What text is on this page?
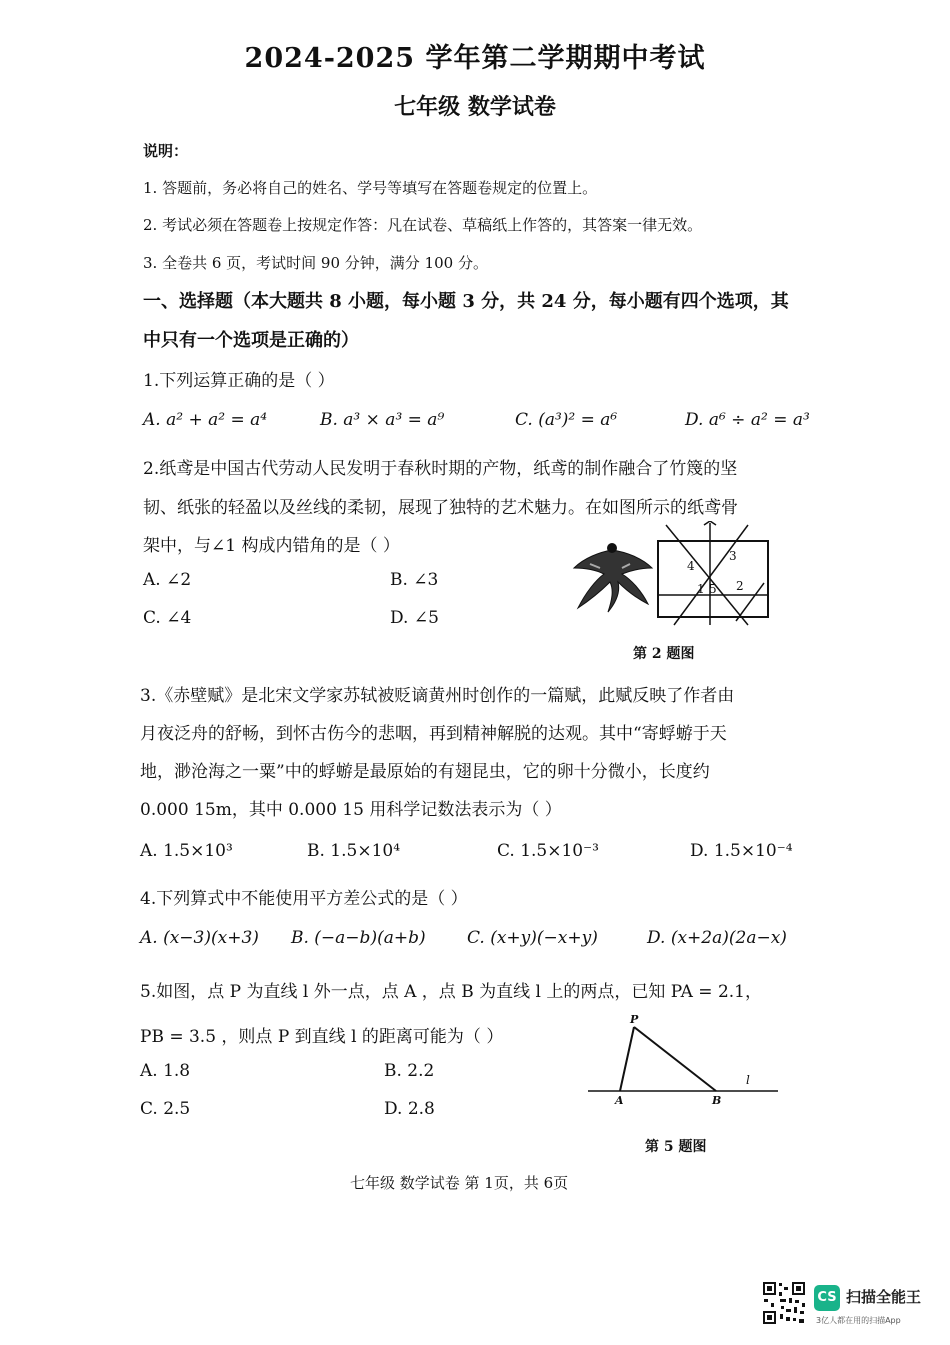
2024-2025 学年第二学期期中考试
七年级 数学试卷
说明：
1. 答题前，务必将自己的姓名、学号等填写在答题卷规定的位置上。
2. 考试必须在答题卷上按规定作答：凡在试卷、草稿纸上作答的，其答案一律无效。
3. 全卷共 6 页，考试时间 90 分钟，满分 100 分。
一、选择题（本大题共 8 小题，每小题 3 分，共 24 分，每小题有四个选项，其
中只有一个选项是正确的）
1.下列运算正确的是（ ）
A. a² + a² = a⁴	B. a³ × a³ = a⁹	C. (a³)² = a⁶	D. a⁶ ÷ a² = a³
2.纸鸢是中国古代劳动人民发明于春秋时期的产物，纸鸢的制作融合了竹篾的坚
韧、纸张的轻盈以及丝线的柔韧，展现了独特的艺术魅力。在如图所示的纸鸢骨
架中，与∠1 构成内错角的是（ ）
A. ∠2	B. ∠3
C. ∠4	D. ∠5
1	2
3
4
5
第 2 题图
3.《赤壁赋》是北宋文学家苏轼被贬谪黄州时创作的一篇赋，此赋反映了作者由
月夜泛舟的舒畅，到怀古伤今的悲咽，再到精神解脱的达观。其中“寄蜉蝣于天
地，渺沧海之一粟”中的蜉蝣是最原始的有翅昆虫，它的卵十分微小，长度约
0.000 15m，其中 0.000 15 用科学记数法表示为（ ）
A. 1.5×10³	B. 1.5×10⁴	C. 1.5×10⁻³	D. 1.5×10⁻⁴
4.下列算式中不能使用平方差公式的是（ ）
A. (x−3)(x+3) B. (−a−b)(a+b) C. (x+y)(−x+y)	D. (x+2a)(2a−x)
5.如图，点 P 为直线 l 外一点，点 A ，点 B 为直线 l 上的两点，已知 PA = 2.1，
PB = 3.5 ，则点 P 到直线 l 的距离可能为（ ）
A. 1.8	B. 2.2
C. 2.5	D. 2.8
P
A	B
l
第 5 题图
七年级 数学试卷 第 1页，共 6页
CS 扫描全能王
3亿人都在用的扫描App
